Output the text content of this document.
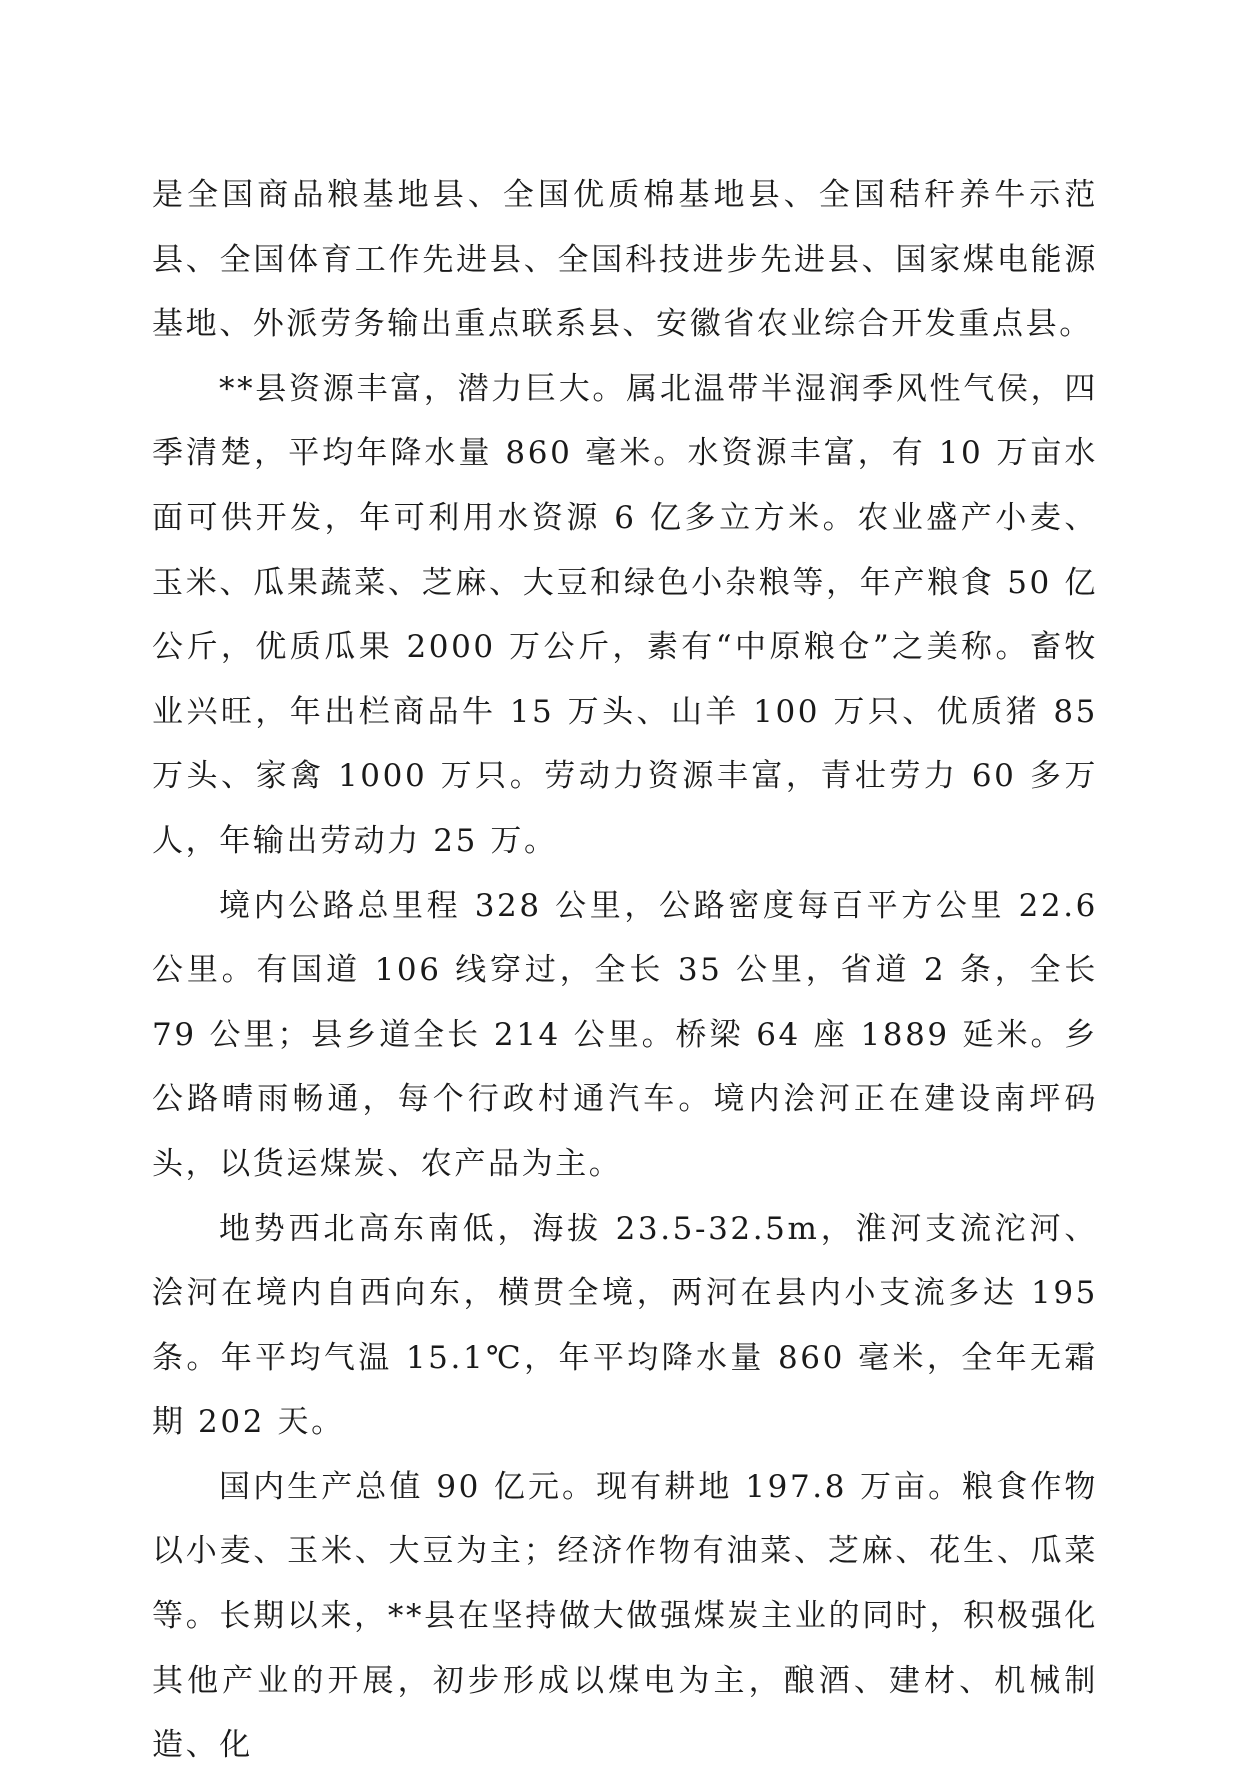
是全国商品粮基地县、全国优质棉基地县、全国秸秆养牛示范县、全国体育工作先进县、全国科技进步先进县、国家煤电能源基地、外派劳务输出重点联系县、安徽省农业综合开发重点县。

**县资源丰富，潜力巨大。属北温带半湿润季风性气侯，四季清楚，平均年降水量 860 毫米。水资源丰富，有 10 万亩水面可供开发，年可利用水资源 6 亿多立方米。农业盛产小麦、玉米、瓜果蔬菜、芝麻、大豆和绿色小杂粮等，年产粮食 50 亿公斤，优质瓜果 2000 万公斤，素有“中原粮仓”之美称。畜牧业兴旺，年出栏商品牛 15 万头、山羊 100 万只、优质猪 85 万头、家禽 1000 万只。劳动力资源丰富，青壮劳力 60 多万人，年输出劳动力 25 万。

境内公路总里程 328 公里，公路密度每百平方公里 22.6 公里。有国道 106 线穿过，全长 35 公里，省道 2 条，全长 79 公里；县乡道全长 214 公里。桥梁 64 座 1889 延米。乡公路晴雨畅通，每个行政村通汽车。境内浍河正在建设南坪码头，以货运煤炭、农产品为主。

地势西北高东南低，海拔 23.5-32.5m，淮河支流沱河、浍河在境内自西向东，横贯全境，两河在县内小支流多达 195 条。年平均气温 15.1℃，年平均降水量 860 毫米，全年无霜期 202 天。

国内生产总值 90 亿元。现有耕地 197.8 万亩。粮食作物以小麦、玉米、大豆为主；经济作物有油菜、芝麻、花生、瓜菜等。长期以来，**县在坚持做大做强煤炭主业的同时，积极强化其他产业的开展，初步形成以煤电为主，酿酒、建材、机械制造、化
